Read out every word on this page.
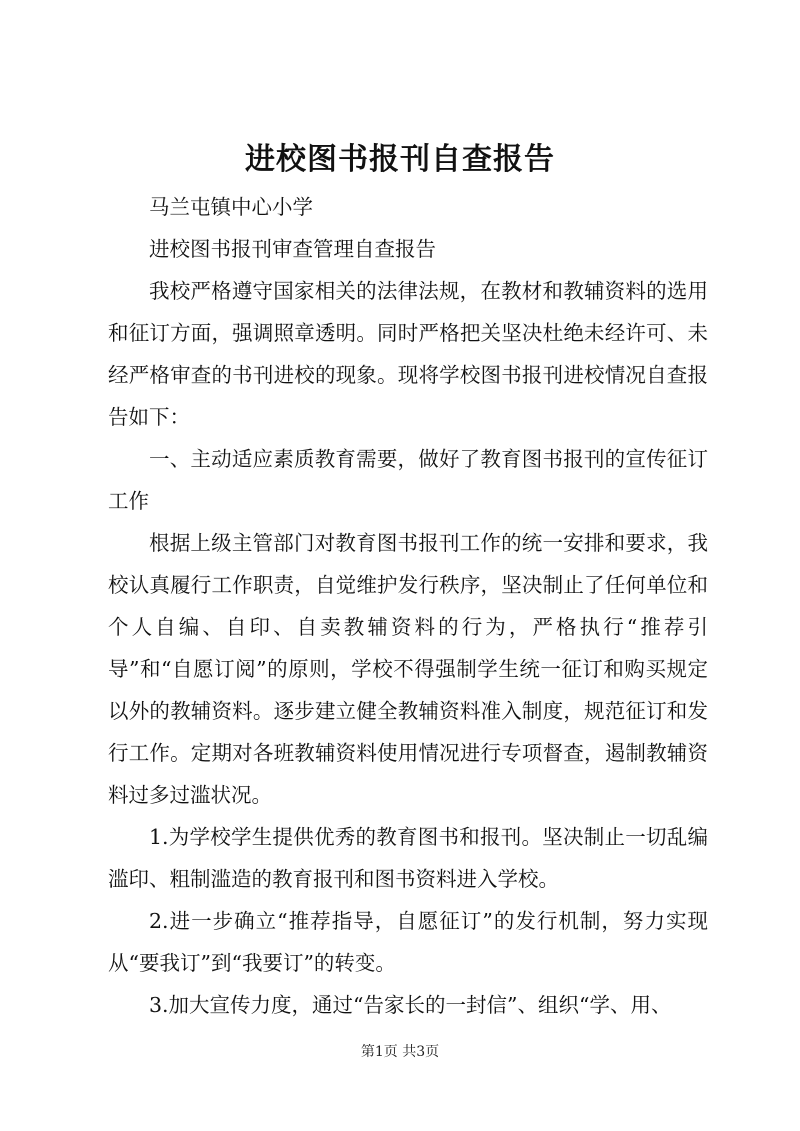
进校图书报刊自查报告

马兰屯镇中心小学

进校图书报刊审查管理自查报告

我校严格遵守国家相关的法律法规，在教材和教辅资料的选用和征订方面，强调照章透明。同时严格把关坚决杜绝未经许可、未经严格审查的书刊进校的现象。现将学校图书报刊进校情况自查报告如下：

一、主动适应素质教育需要，做好了教育图书报刊的宣传征订工作

根据上级主管部门对教育图书报刊工作的统一安排和要求，我校认真履行工作职责，自觉维护发行秩序，坚决制止了任何单位和个人自编、自印、自卖教辅资料的行为，严格执行“推荐引导”和“自愿订阅”的原则，学校不得强制学生统一征订和购买规定以外的教辅资料。逐步建立健全教辅资料准入制度，规范征订和发行工作。定期对各班教辅资料使用情况进行专项督查，遏制教辅资料过多过滥状况。

1.为学校学生提供优秀的教育图书和报刊。坚决制止一切乱编滥印、粗制滥造的教育报刊和图书资料进入学校。

2.进一步确立“推荐指导，自愿征订”的发行机制，努力实现从“要我订”到“我要订”的转变。

3.加大宣传力度，通过“告家长的一封信”、组织“学、用、

第1页 共3页
